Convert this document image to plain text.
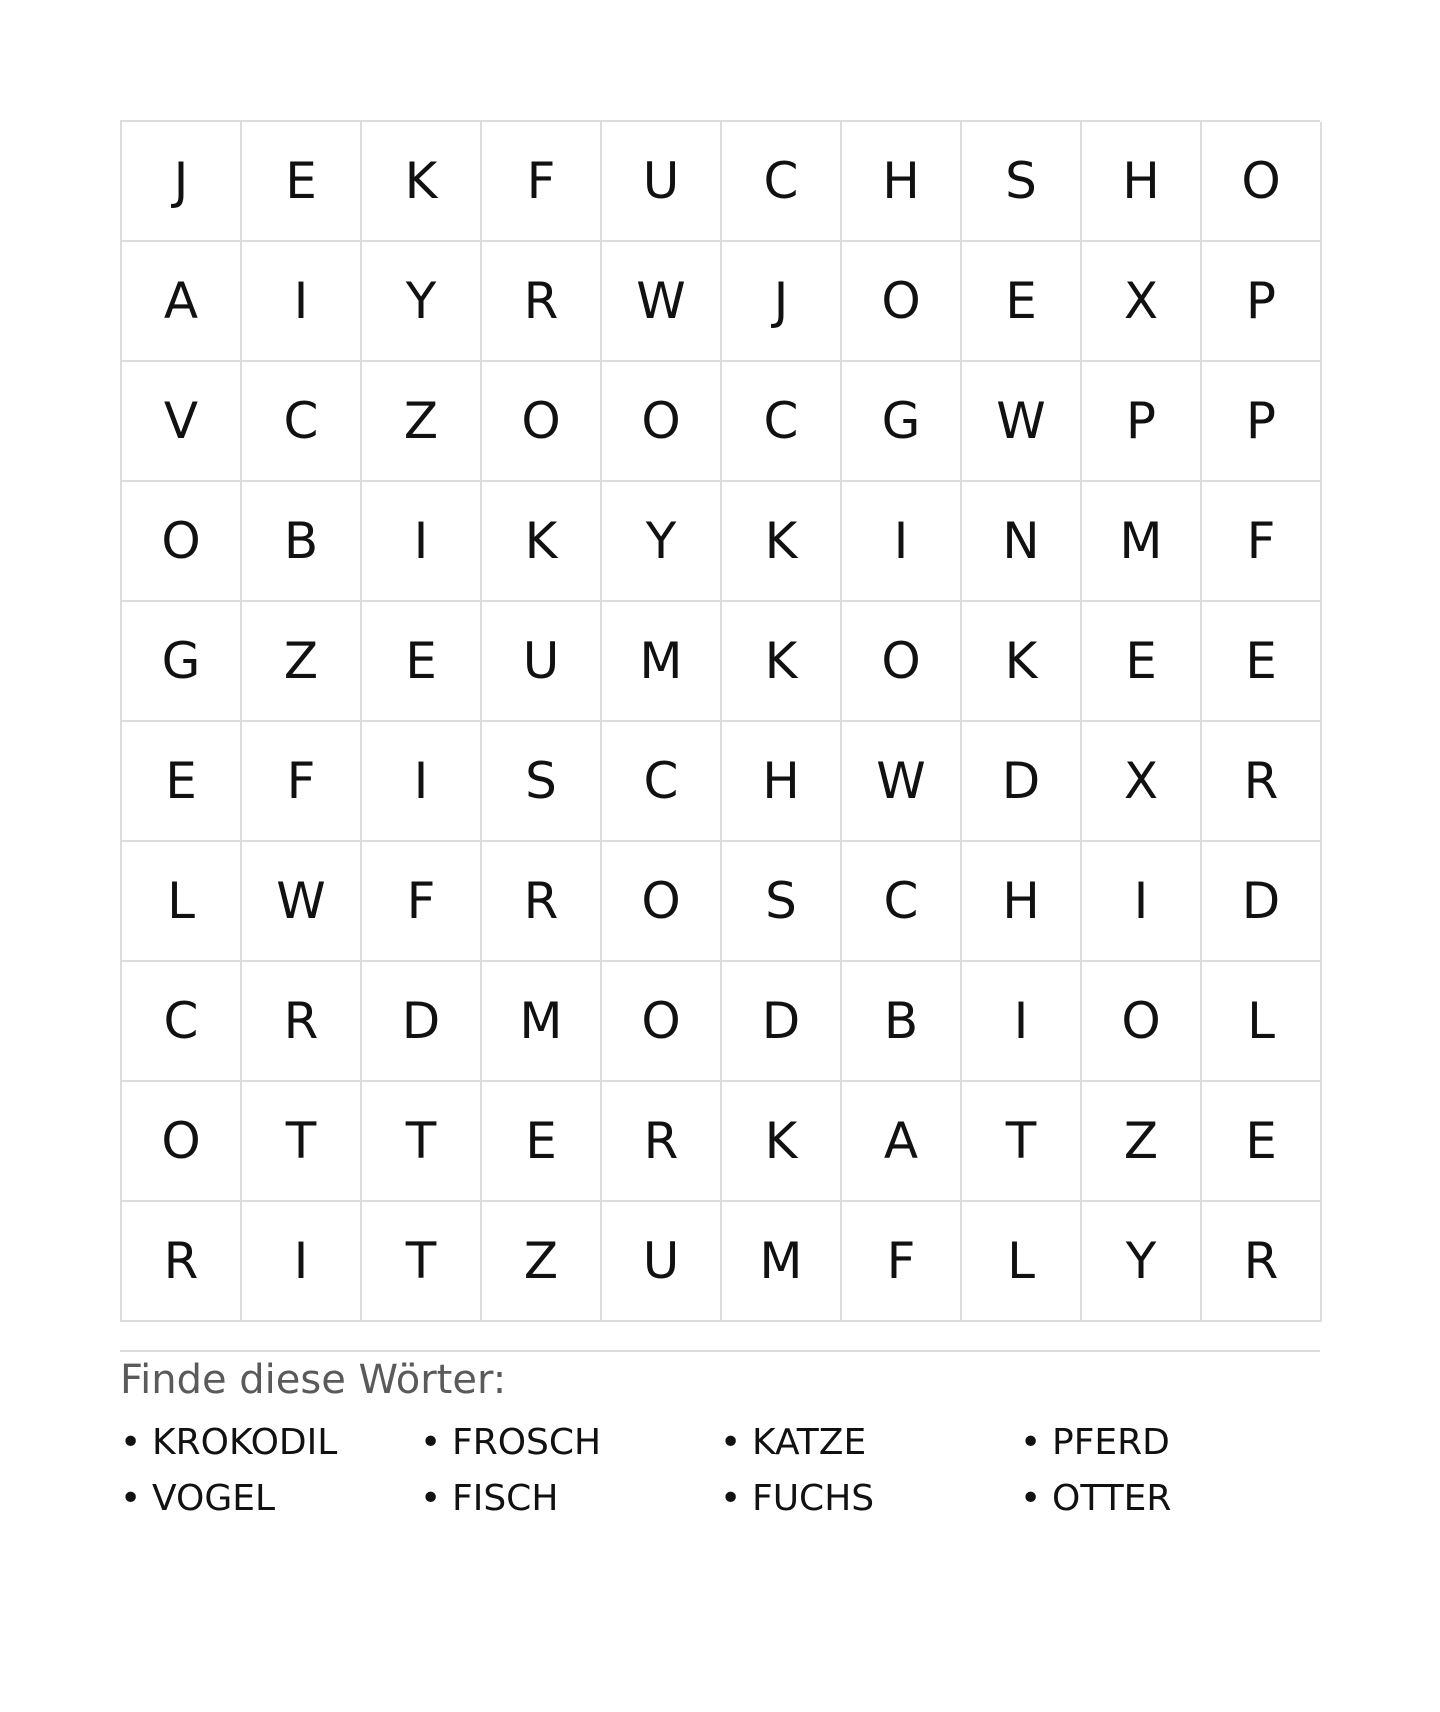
J	E	K	F	U	C	H	S	H	O
A	I	Y	R	W	J	O	E	X	P
V	C	Z	O	O	C	G	W	P	P
O	B	I	K	Y	K	I	N	M	F
G	Z	E	U	M	K	O	K	E	E
E	F	I	S	C	H	W	D	X	R
L	W	F	R	O	S	C	H	I	D
C	R	D	M	O	D	B	I	O	L
O	T	T	E	R	K	A	T	Z	E
R	I	T	Z	U	M	F	L	Y	R
Finde diese Wörter:
• KROKODIL • FROSCH	• KATZE	• PFERD
• VOGEL	• FISCH	• FUCHS	• OTTER
